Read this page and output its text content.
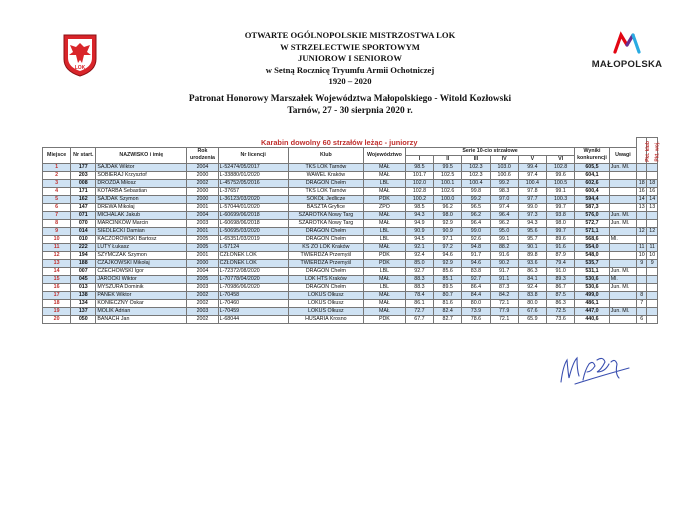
LOK	MAŁOPOLSKA
OTWARTE OGÓLNOPOLSKIE MISTRZOSTWA LOK
W STRZELECTWIE SPORTOWYM
JUNIOROW I SENIOROW
w Setną Rocznicę Tryumfu Armii Ochotniczej
1920 – 2020
Patronat Honorowy Marszałek Województwa Małopolskiego - Witold Kozłowski
Tarnów, 27 - 30 sierpnia 2020 r.
Karabin dowolny 60 strzałów leżąc - juniorzy															Pkt. klub	Pkt. woj.
Miejsce	Nr start.	NAZWISKO i imię	Rok urodzenia	Nr licencji	Klub	Województwo	Serie 10-cio strzałowe						Wyniki konkurencji	Uwagi		
							I	II	III	IV	V	VI				
1	177	SAJDAK Wiktor	2004	L-52474/05/2017	TKS LOK Tarnów	MAŁ	98.5	99.5	102.3	103.0	99.4	102.8	605,5	Jun. Ml.		
2	203	SOBIERAJ Krzysztof	2000	L-33880/01/2020	WAWEL Kraków	MAŁ	101.7	102.5	102.3	100.6	97.4	99.6	604,1			
3	008	DROZDA Miłosz	2002	L-45752/05/2016	DRAGON Chełm	LBL	102.0	100.1	100.4	99.2	100.4	100.5	602,6		18	18
4	171	KOTARBA Sebastian	2000	L-37657	TKS LOK Tarnów	MAŁ	102.8	102.6	99.8	98.3	97.8	99.1	600,4		16	16
5	162	SAJDAK Szymon	2000	L-36123/03/2020	SOKÓŁ Jedlicze	PDK	100.2	100.0	99.2	97.0	97.7	100.3	594,4		14	14
6	147	DREWA Mikołaj	2001	L-57044/01/2020	BASZTA Gryfice	ZPO	98.5	96.2	96.5	97.4	99.0	99.7	587,3		13	13
7	071	MICHALAK Jakub	2004	L-60699/06/2018	SZAROTKA Nowy Targ	MAŁ	94.3	98.0	96.2	96.4	97.3	93.8	576,0	Jun. Ml.		
8	070	MARCINKÓW Marcin	2003	L-60698/06/2018	SZAROTKA Nowy Targ	MAŁ	94.9	92.9	96.4	96.2	94.3	98.0	572,7	Jun. Ml.		
9	014	SIEDLECKI Damian	2001	L-50695/03/2020	DRAGON Chełm	LBL	90.9	90.9	99.0	95.0	95.6	99.7	571,1		12	12
10	010	KACZOROWSKI Bartosz	2005	L-65351/03/2019	DRAGON Chełm	LBL	94.5	97.1	92.6	99.1	95.7	89.6	568,6	Ml.		
11	222	LUTY Łukasz	2005	L-57124	KS ZO LOK Kraków	MAŁ	92.1	97.2	94.8	88.2	90.1	91.6	554,0		11	11
12	194	SZYMCZAK Szymon	2001	CZŁONEK LOK	TWIERDZA Przemyśl	PDK	92.4	94.6	91.7	91.6	89.8	87.9	548,0		10	10
13	188	CZAJKOWSKI Mikołaj	2000	CZŁONEK LOK	TWIERDZA Przemyśl	PDK	85.0	92.9	94.6	90.2	93.6	79.4	535,7		9	9
14	007	CZECHOWSKI Igor	2004	L-72372/08/2020	DRAGON Chełm	LBL	92.7	85.6	83.8	91.7	86.3	91.0	531,1	Jun. Ml.		
15	045	JAROCKI Wiktor	2005	L-70778/04/2020	LOK HTS Kraków	MAŁ	88.3	85.1	92.7	91.1	84.1	89.3	530,6	Ml.		
16	013	MYSZURA Dominik	2003	L-70986/06/2020	DRAGON Chełm	LBL	88.3	89.5	86.4	87.3	92.4	86.7	530,6	Jun. Ml.		
17	138	PANEK Wiktor	2002	L-70458	LOKUS Olkusz	MAŁ	78.4	80.7	84.4	84.2	83.8	87.5	499,0		8	
18	134	KONIECZNY Oskar	2002	L-70460	LOKUS Olkusz	MAŁ	86.1	81.6	80.0	72.1	80.0	86.3	486,1		7	
19	137	MOLIK Adrian	2003	L-70459	LOKUS Olkusz	MAŁ	72.7	82.4	73.9	77.9	67.6	72.5	447,0	Jun. Ml.		
20	050	BANACH Jan	2002	L-68044	HUSARIA Krosno	PDK	67.7	82.7	78.6	72.1	65.9	73.6	440,6		6	
